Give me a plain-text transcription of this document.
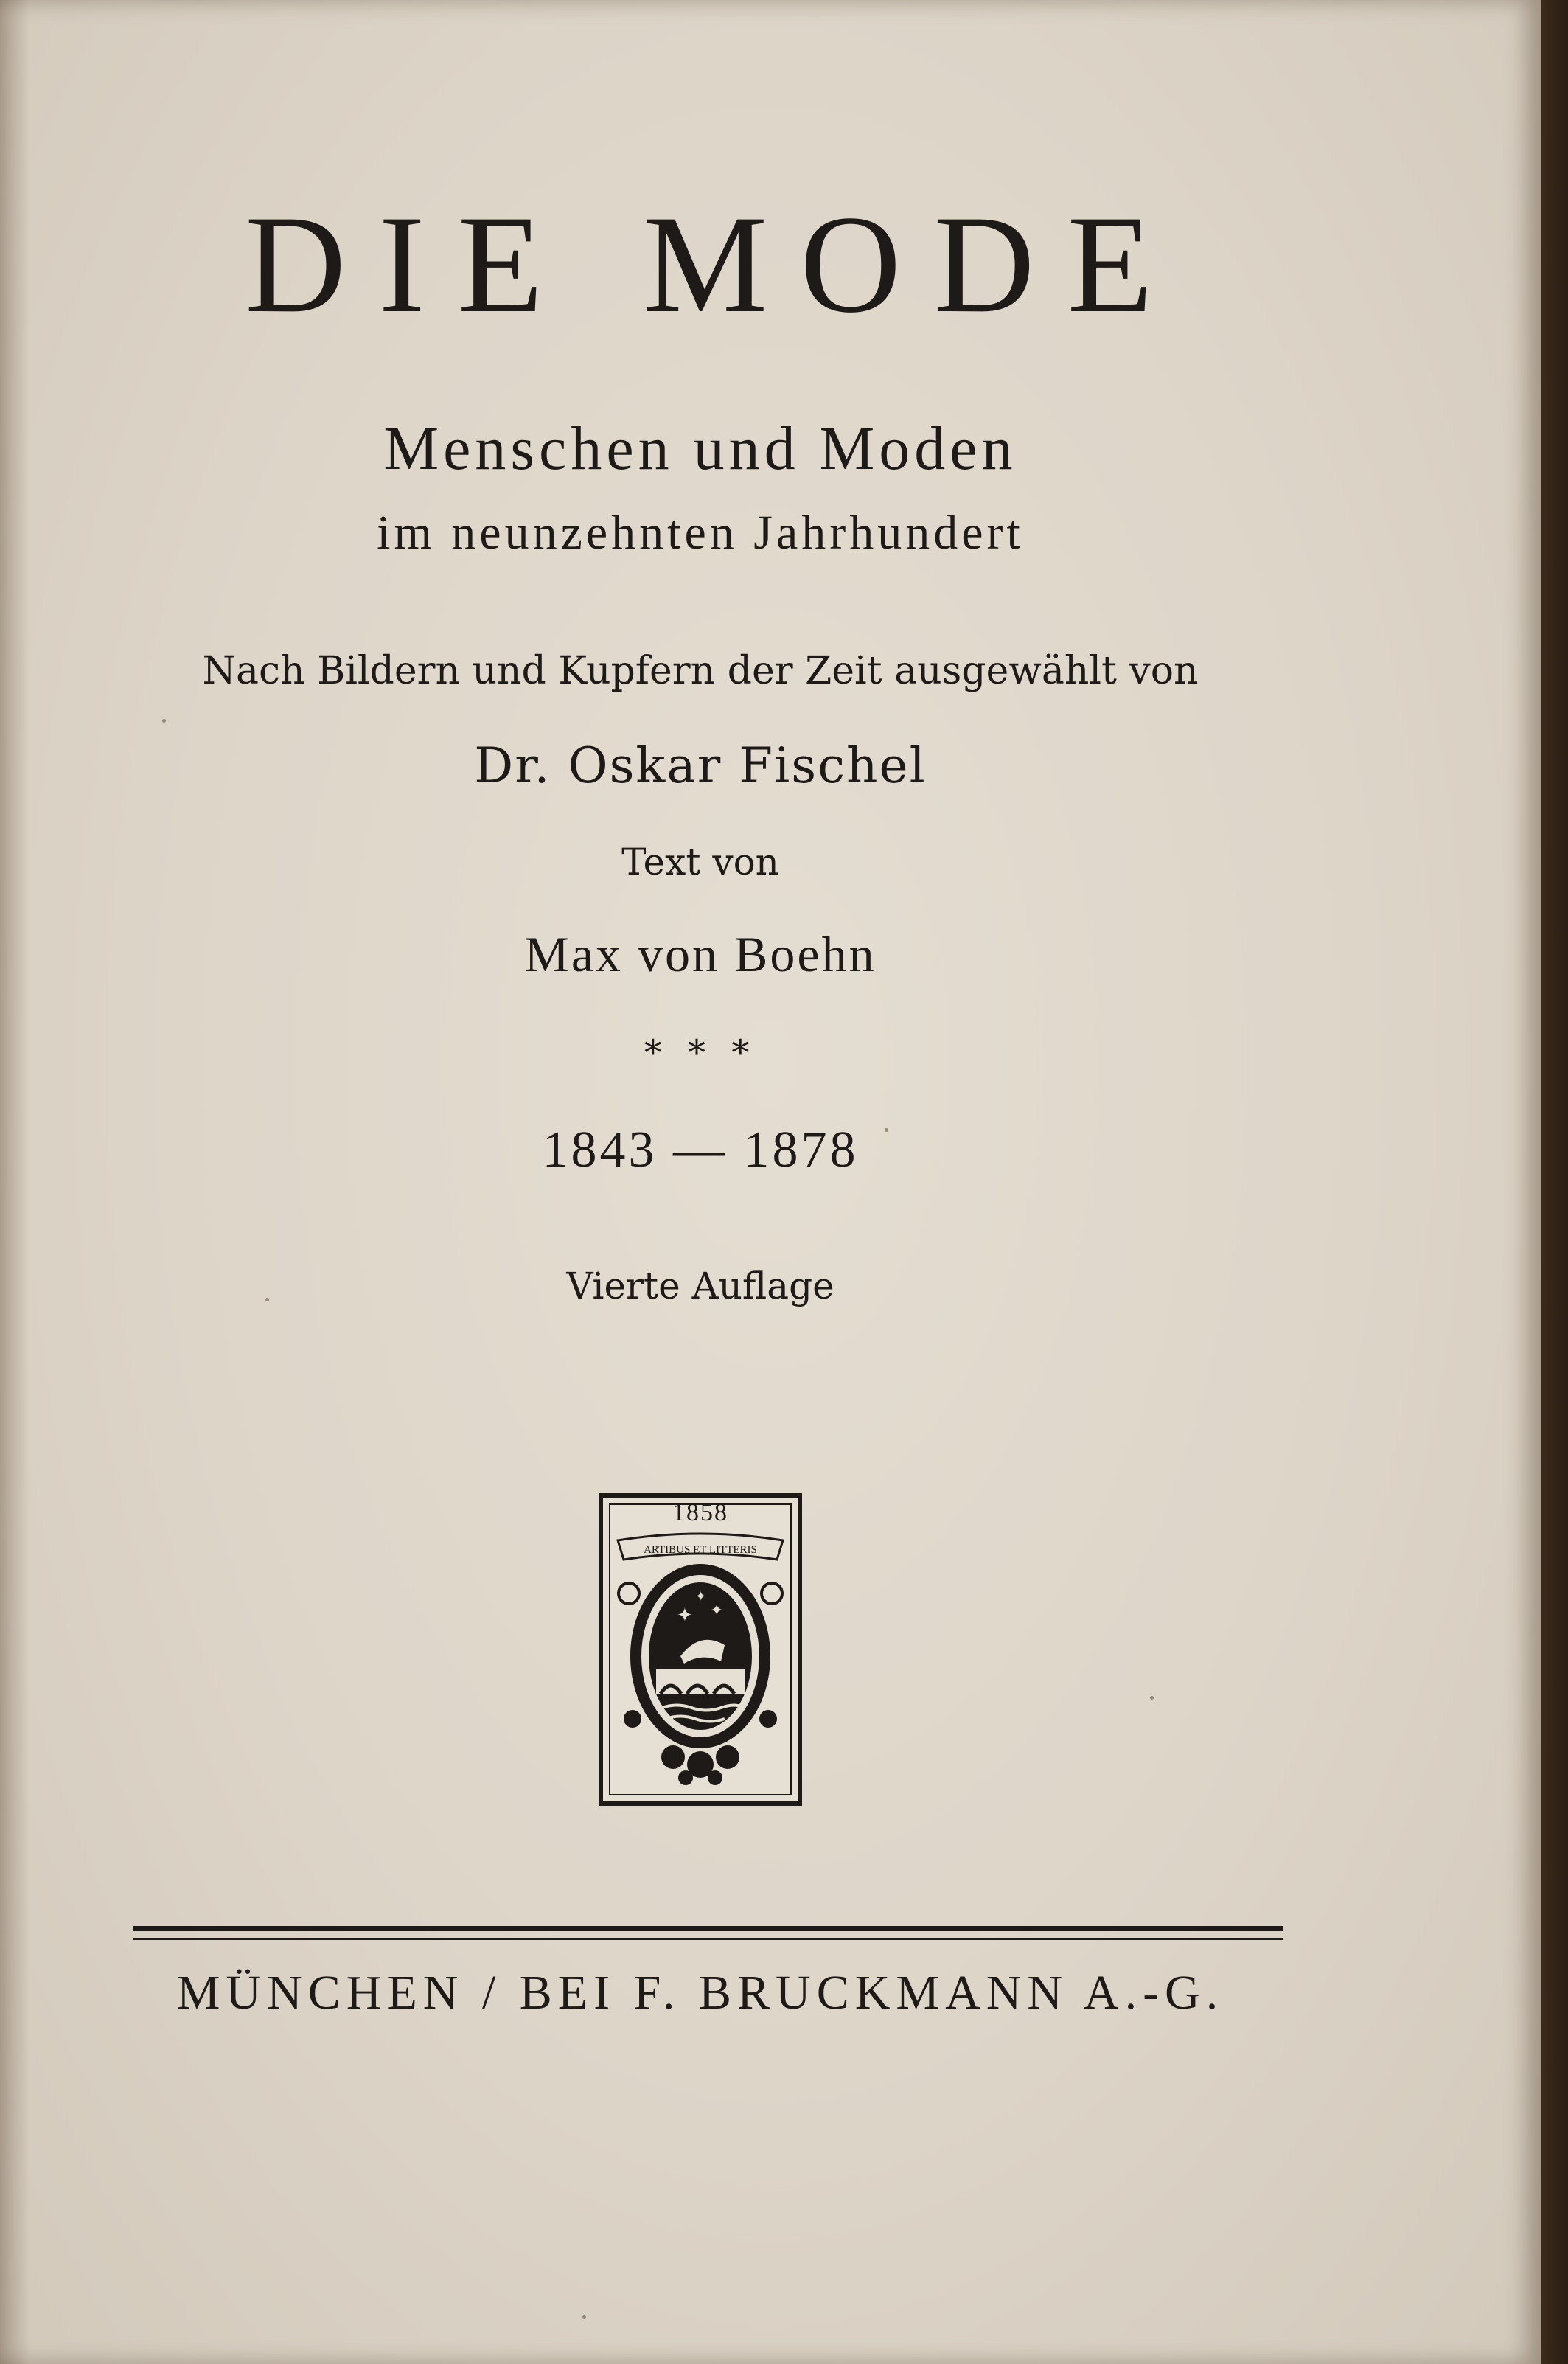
DIE MODE
Menschen und Moden
im neunzehnten Jahrhundert
Nach Bildern und Kupfern der Zeit ausgewählt von
Dr. Oskar Fischel
Text von
Max von Boehn
* * *
1843 — 1878
Vierte Auflage
1858
ARTIBUS ET LITTERIS
✦ ✦
✦
MÜNCHEN / BEI F. BRUCKMANN A.-G.
